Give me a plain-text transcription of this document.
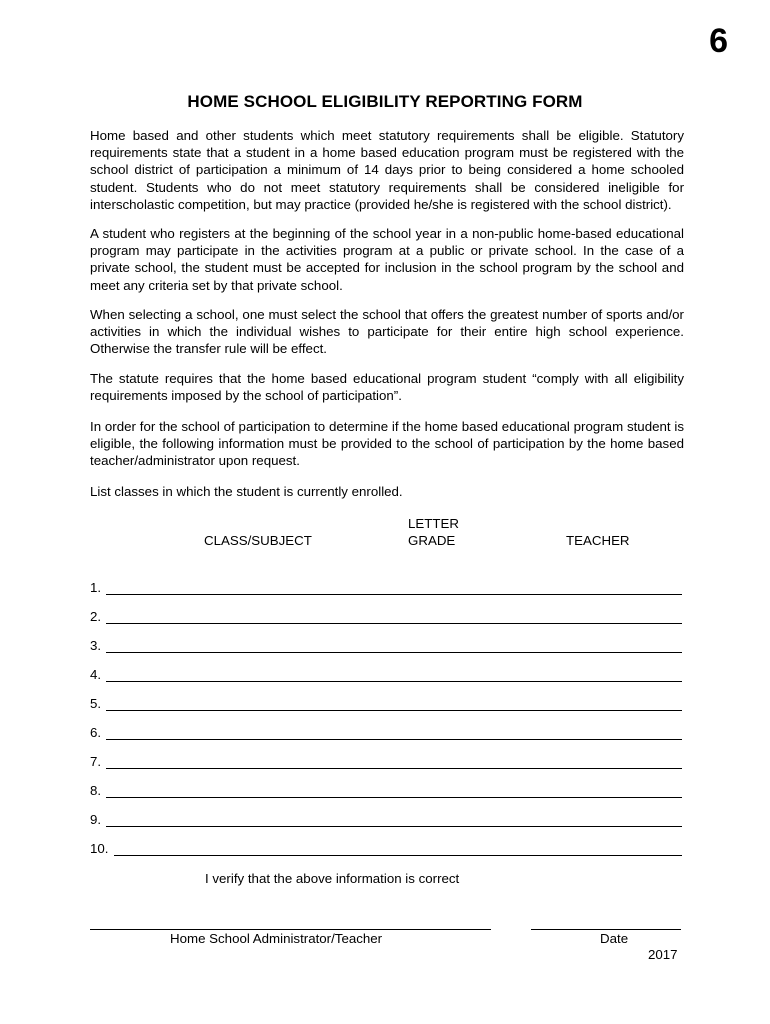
6
HOME SCHOOL ELIGIBILITY REPORTING FORM
Home based and other students which meet statutory requirements shall be eligible. Statutory requirements state that a student in a home based education program must be registered with the school district of participation a minimum of 14 days prior to being considered a home schooled student. Students who do not meet statutory requirements shall be considered ineligible for interscholastic competition, but may practice (provided he/she is registered with the school district).
A student who registers at the beginning of the school year in a non-public home-based educational program may participate in the activities program at a public or private school. In the case of a private school, the student must be accepted for inclusion in the school program by the school and meet any criteria set by that private school.
When selecting a school, one must select the school that offers the greatest number of sports and/or activities in which the individual wishes to participate for their entire high school experience. Otherwise the transfer rule will be effect.
The statute requires that the home based educational program student “comply with all eligibility requirements imposed by the school of participation”.
In order for the school of participation to determine if the home based educational program student is eligible, the following information must be provided to the school of participation by the home based teacher/administrator upon request.
List classes in which the student is currently enrolled.
CLASS/SUBJECT
LETTER
GRADE	TEACHER
1.
2.
3.
4.
5.
6.
7.
8.
9.
10.
I verify that the above information is correct
Home School Administrator/Teacher	Date
2017
